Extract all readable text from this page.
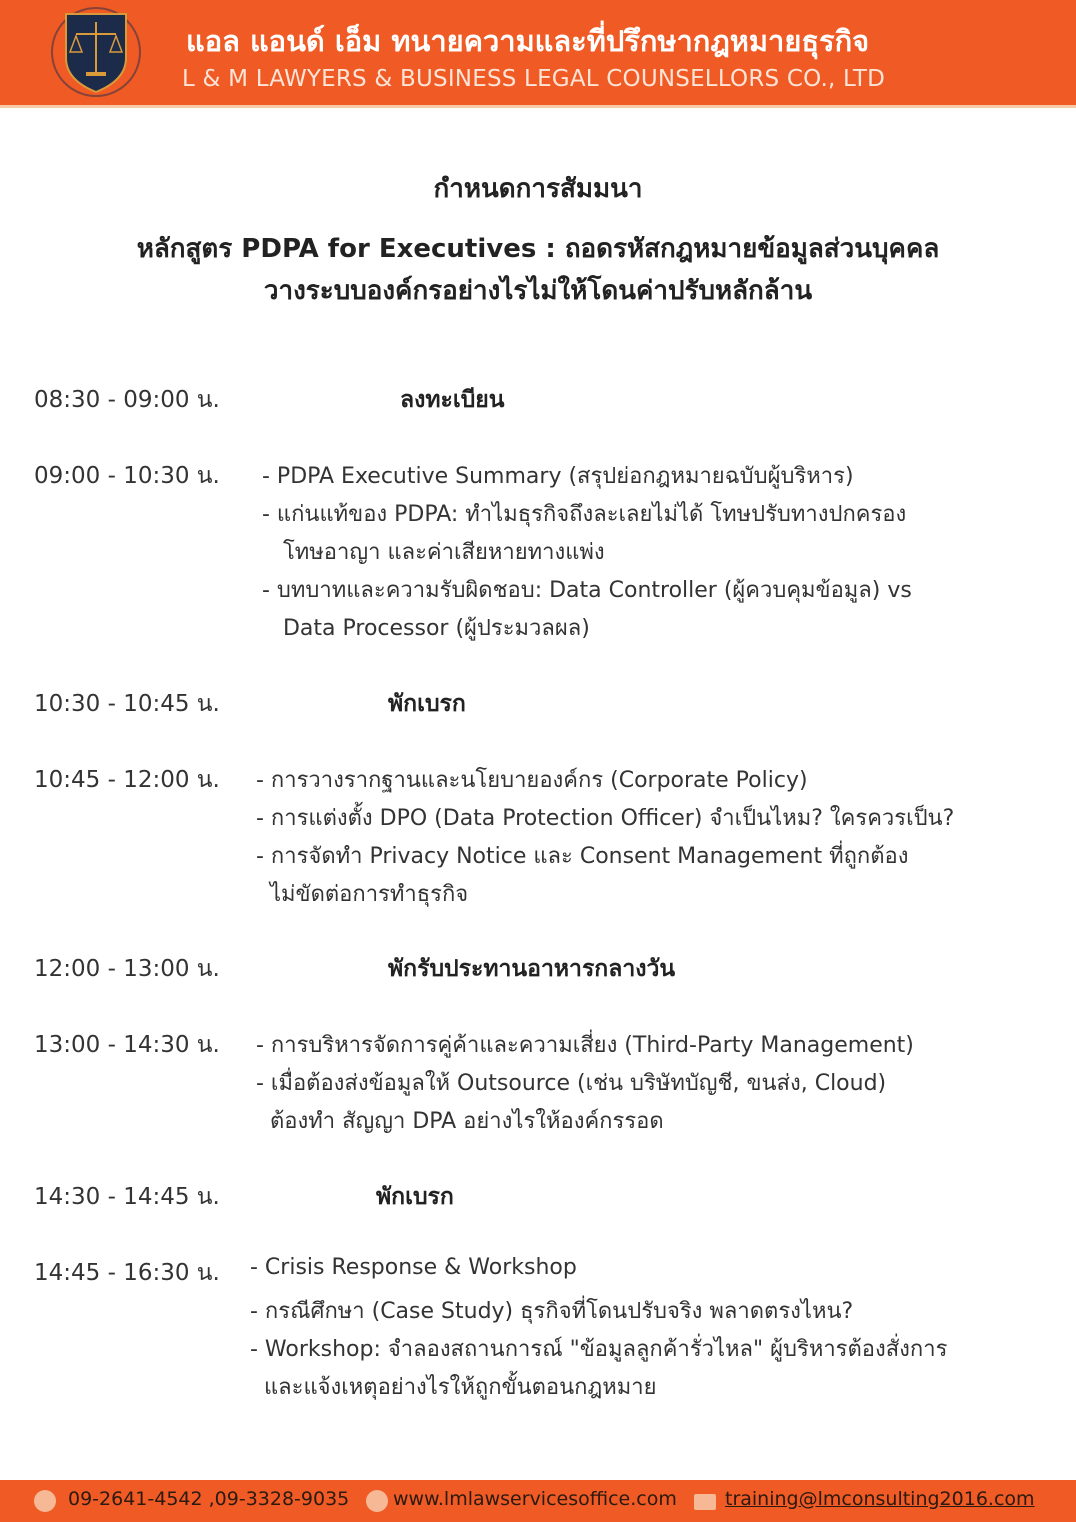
แอล แอนด์ เอ็ม ทนายความและที่ปรึกษากฎหมายธุรกิจ
L & M LAWYERS & BUSINESS LEGAL COUNSELLORS CO., LTD
กำหนดการสัมมนา
หลักสูตร PDPA for Executives : ถอดรหัสกฎหมายข้อมูลส่วนบุคคล
วางระบบองค์กรอย่างไรไม่ให้โดนค่าปรับหลักล้าน
08:30 - 09:00 น.	ลงทะเบียน
09:00 - 10:30 น. - PDPA Executive Summary (สรุปย่อกฎหมายฉบับผู้บริหาร)
- แก่นแท้ของ PDPA: ทำไมธุรกิจถึงละเลยไม่ได้ โทษปรับทางปกครอง
โทษอาญา และค่าเสียหายทางแพ่ง
- บทบาทและความรับผิดชอบ: Data Controller (ผู้ควบคุมข้อมูล) vs
Data Processor (ผู้ประมวลผล)
10:30 - 10:45 น.	พักเบรก
10:45 - 12:00 น. - การวางรากฐานและนโยบายองค์กร (Corporate Policy)
- การแต่งตั้ง DPO (Data Protection Officer) จำเป็นไหม? ใครควรเป็น?
- การจัดทำ Privacy Notice และ Consent Management ที่ถูกต้อง
ไม่ขัดต่อการทำธุรกิจ
12:00 - 13:00 น.	พักรับประทานอาหารกลางวัน
13:00 - 14:30 น. - การบริหารจัดการคู่ค้าและความเสี่ยง (Third-Party Management)
- เมื่อต้องส่งข้อมูลให้ Outsource (เช่น บริษัทบัญชี, ขนส่ง, Cloud)
ต้องทำ สัญญา DPA อย่างไรให้องค์กรรอด
14:30 - 14:45 น.	พักเบรก
14:45 - 16:30 น. - Crisis Response & Workshop
- กรณีศึกษา (Case Study) ธุรกิจที่โดนปรับจริง พลาดตรงไหน?
- Workshop: จำลองสถานการณ์ "ข้อมูลลูกค้ารั่วไหล" ผู้บริหารต้องสั่งการ
และแจ้งเหตุอย่างไรให้ถูกขั้นตอนกฎหมาย
09-2641-4542 ,09-3328-9035 www.lmlawservicesoffice.com	training@lmconsulting2016.com
